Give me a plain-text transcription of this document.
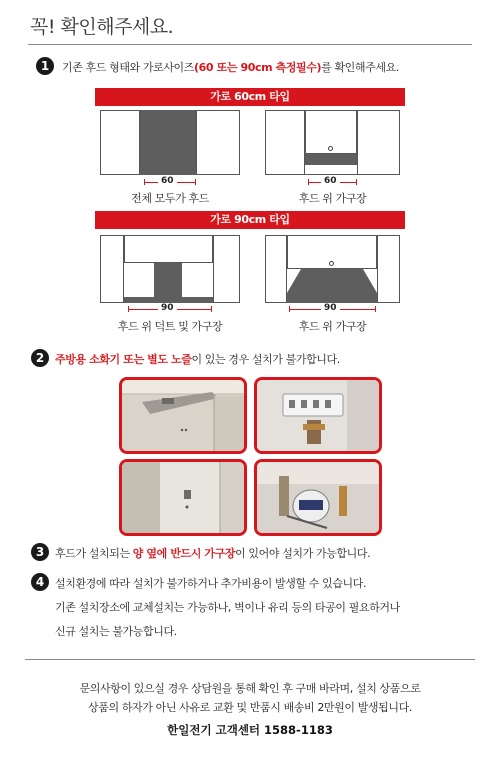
꼭! 확인해주세요.
1	기존 후드 형태와 가로사이즈(60 또는 90cm 측정필수)를 확인해주세요.
가로 60cm 타입
60
전체 모두가 후드
60
후드 위 가구장
가로 90cm 타입
90
후드 위 덕트 및 가구장
90
후드 위 가구장
2 주방용 소화기 또는 별도 노즐이 있는 경우 설치가 불가합니다.
3 후드가 설치되는 양 옆에 반드시 가구장이 있어야 설치가 가능합니다.
4 설치환경에 따라 설치가 불가하거나 추가비용이 발생할 수 있습니다.
기존 설치장소에 교체설치는 가능하나, 벽이나 유리 등의 타공이 필요하거나
신규 설치는 불가능합니다.
문의사항이 있으실 경우 상담원을 통해 확인 후 구매 바라며, 설치 상품으로
상품의 하자가 아닌 사유로 교환 및 반품시 배송비 2만원이 발생됩니다.
한일전기 고객센터 1588-1183
